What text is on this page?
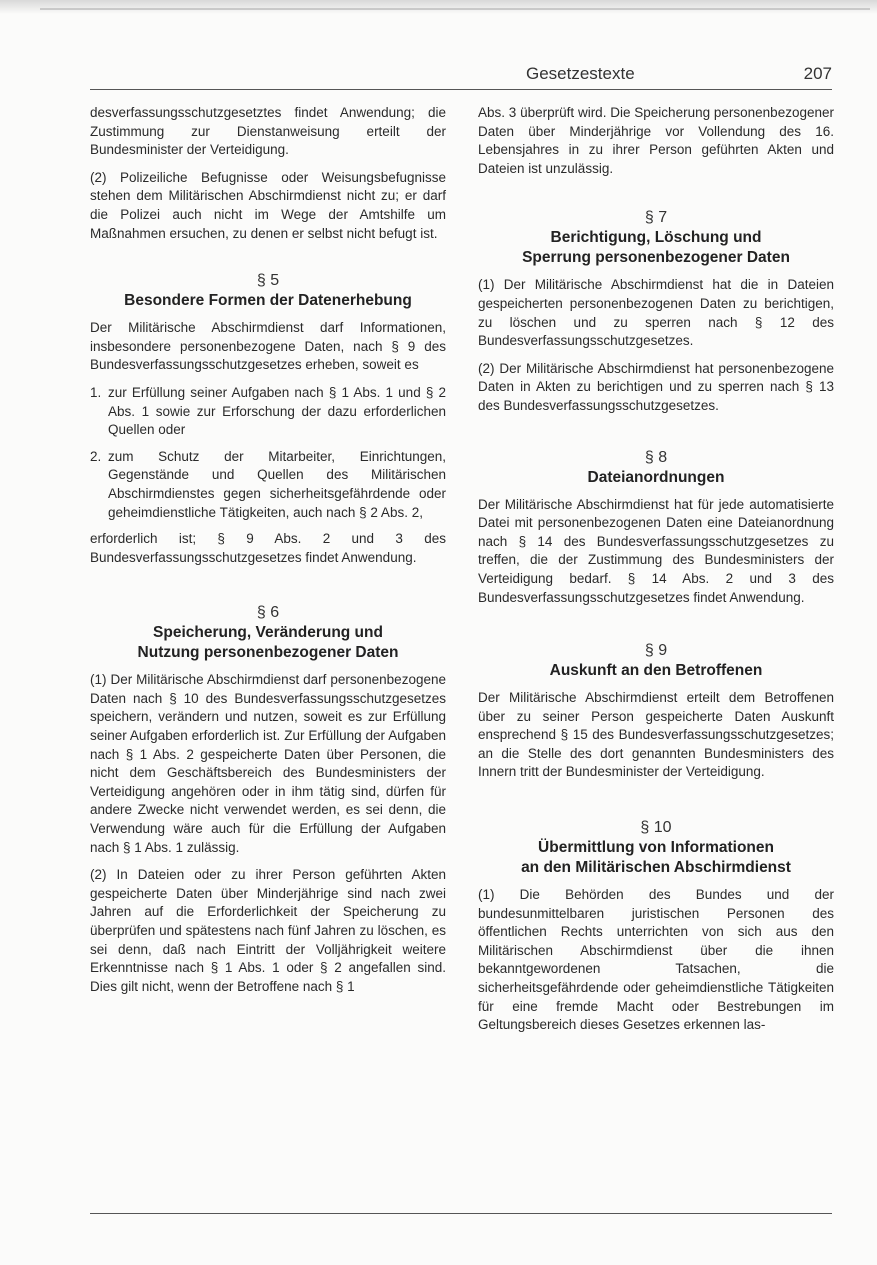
Gesetzestexte	207

desverfassungsschutzgesetztes findet Anwendung; die Zustimmung zur Dienstanweisung erteilt der Bundesminister der Verteidigung.

(2) Polizeiliche Befugnisse oder Weisungsbefugnisse stehen dem Militärischen Abschirmdienst nicht zu; er darf die Polizei auch nicht im Wege der Amtshilfe um Maßnahmen ersuchen, zu denen er selbst nicht befugt ist.

§ 5
Besondere Formen der Datenerhebung

Der Militärische Abschirmdienst darf Informationen, insbesondere personenbezogene Daten, nach § 9 des Bundesverfassungsschutzgesetzes erheben, soweit es

1. zur Erfüllung seiner Aufgaben nach § 1 Abs. 1 und § 2 Abs. 1 sowie zur Erforschung der dazu erforderlichen Quellen oder
2. zum Schutz der Mitarbeiter, Einrichtungen, Gegenstände und Quellen des Militärischen Abschirmdienstes gegen sicherheitsgefährdende oder geheimdienstliche Tätigkeiten, auch nach § 2 Abs. 2,

erforderlich ist; § 9 Abs. 2 und 3 des Bundesverfassungsschutzgesetzes findet Anwendung.

§ 6
Speicherung, Veränderung und
Nutzung personenbezogener Daten

(1) Der Militärische Abschirmdienst darf personenbezogene Daten nach § 10 des Bundesverfassungsschutzgesetzes speichern, verändern und nutzen, soweit es zur Erfüllung seiner Aufgaben erforderlich ist. Zur Erfüllung der Aufgaben nach § 1 Abs. 2 gespeicherte Daten über Personen, die nicht dem Geschäftsbereich des Bundesministers der Verteidigung angehören oder in ihm tätig sind, dürfen für andere Zwecke nicht verwendet werden, es sei denn, die Verwendung wäre auch für die Erfüllung der Aufgaben nach § 1 Abs. 1 zulässig.

(2) In Dateien oder zu ihrer Person geführten Akten gespeicherte Daten über Minderjährige sind nach zwei Jahren auf die Erforderlichkeit der Speicherung zu überprüfen und spätestens nach fünf Jahren zu löschen, es sei denn, daß nach Eintritt der Volljährigkeit weitere Erkenntnisse nach § 1 Abs. 1 oder § 2 angefallen sind. Dies gilt nicht, wenn der Betroffene nach § 1

Abs. 3 überprüft wird. Die Speicherung personenbezogener Daten über Minderjährige vor Vollendung des 16. Lebensjahres in zu ihrer Person geführten Akten und Dateien ist unzulässig.

§ 7
Berichtigung, Löschung und
Sperrung personenbezogener Daten

(1) Der Militärische Abschirmdienst hat die in Dateien gespeicherten personenbezogenen Daten zu berichtigen, zu löschen und zu sperren nach § 12 des Bundesverfassungsschutzgesetzes.

(2) Der Militärische Abschirmdienst hat personenbezogene Daten in Akten zu berichtigen und zu sperren nach § 13 des Bundesverfassungsschutzgesetzes.

§ 8
Dateianordnungen

Der Militärische Abschirmdienst hat für jede automatisierte Datei mit personenbezogenen Daten eine Dateianordnung nach § 14 des Bundesverfassungsschutzgesetzes zu treffen, die der Zustimmung des Bundesministers der Verteidigung bedarf. § 14 Abs. 2 und 3 des Bundesverfassungsschutzgesetzes findet Anwendung.

§ 9
Auskunft an den Betroffenen

Der Militärische Abschirmdienst erteilt dem Betroffenen über zu seiner Person gespeicherte Daten Auskunft ensprechend § 15 des Bundesverfassungsschutzgesetzes; an die Stelle des dort genannten Bundesministers des Innern tritt der Bundesminister der Verteidigung.

§ 10
Übermittlung von Informationen
an den Militärischen Abschirmdienst

(1) Die Behörden des Bundes und der bundesunmittelbaren juristischen Personen des öffentlichen Rechts unterrichten von sich aus den Militärischen Abschirmdienst über die ihnen bekanntgewordenen Tatsachen, die sicherheitsgefährdende oder geheimdienstliche Tätigkeiten für eine fremde Macht oder Bestrebungen im Geltungsbereich dieses Gesetzes erkennen las-
